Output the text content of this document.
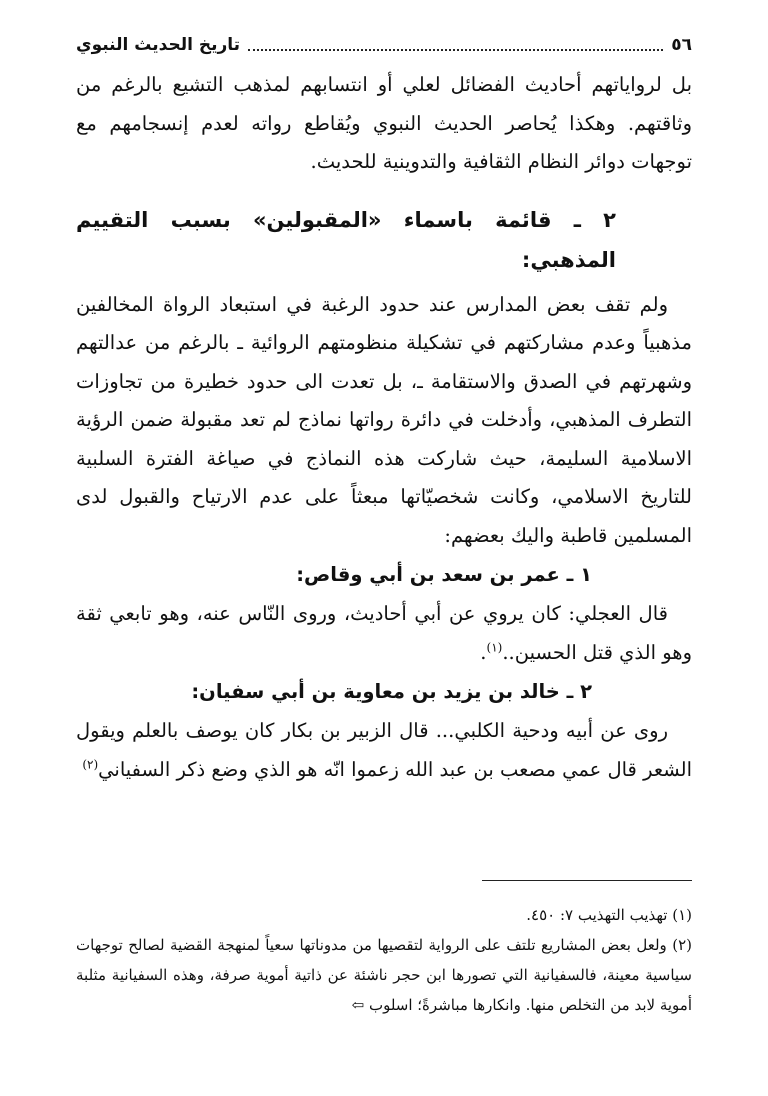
٥٦
تاريخ الحديث النبوي

بل لرواياتهم أحاديث الفضائل لعلي أو انتسابهم لمذهب التشيع بالرغم من وثاقتهم. وهكذا يُحاصر الحديث النبوي ويُقاطع رواته لعدم إنسجامهم مع توجهات دوائر النظام الثقافية والتدوينية للحديث.

٢ ـ قائمة باسماء «المقبولين» بسبب التقييم المذهبي:

ولم تقف بعض المدارس عند حدود الرغبة في استبعاد الرواة المخالفين مذهبياً وعدم مشاركتهم في تشكيلة منظومتهم الروائية ـ بالرغم من عدالتهم وشهرتهم في الصدق والاستقامة ـ، بل تعدت الى حدود خطيرة من تجاوزات التطرف المذهبي، وأدخلت في دائرة رواتها نماذج لم تعد مقبولة ضمن الرؤية الاسلامية السليمة، حيث شاركت هذه النماذج في صياغة الفترة السلبية للتاريخ الاسلامي، وكانت شخصيّاتها مبعثاً على عدم الارتياح والقبول لدى المسلمين قاطبة واليك بعضهم:

١ ـ عمر بن سعد بن أبي وقاص:

قال العجلي: كان يروي عن أبي أحاديث، وروى النّاس عنه، وهو تابعي ثقة وهو الذي قتل الحسين..$^{(١)}$.

٢ ـ خالد بن يزيد بن معاوية بن أبي سفيان:

روى عن أبيه ودحية الكلبي... قال الزبير بن بكار كان يوصف بالعلم ويقول الشعر قال عمي مصعب بن عبد الله زعموا انّه هو الذي وضع ذكر السفياني$^{(٢)}$

(١) تهذيب التهذيب ٧: ٤٥٠.

(٢) ولعل بعض المشاريع تلتف على الرواية لتقصيها من مدوناتها سعياً لمنهجة القضية لصالح توجهات سياسية معينة، فالسفيانية التي تصورها ابن حجر ناشئة عن ذاتية أموية صرفة، وهذه السفيانية مثلبة أموية لابد من التخلص منها. وانكارها مباشرةً؛ اسلوب ⇦
